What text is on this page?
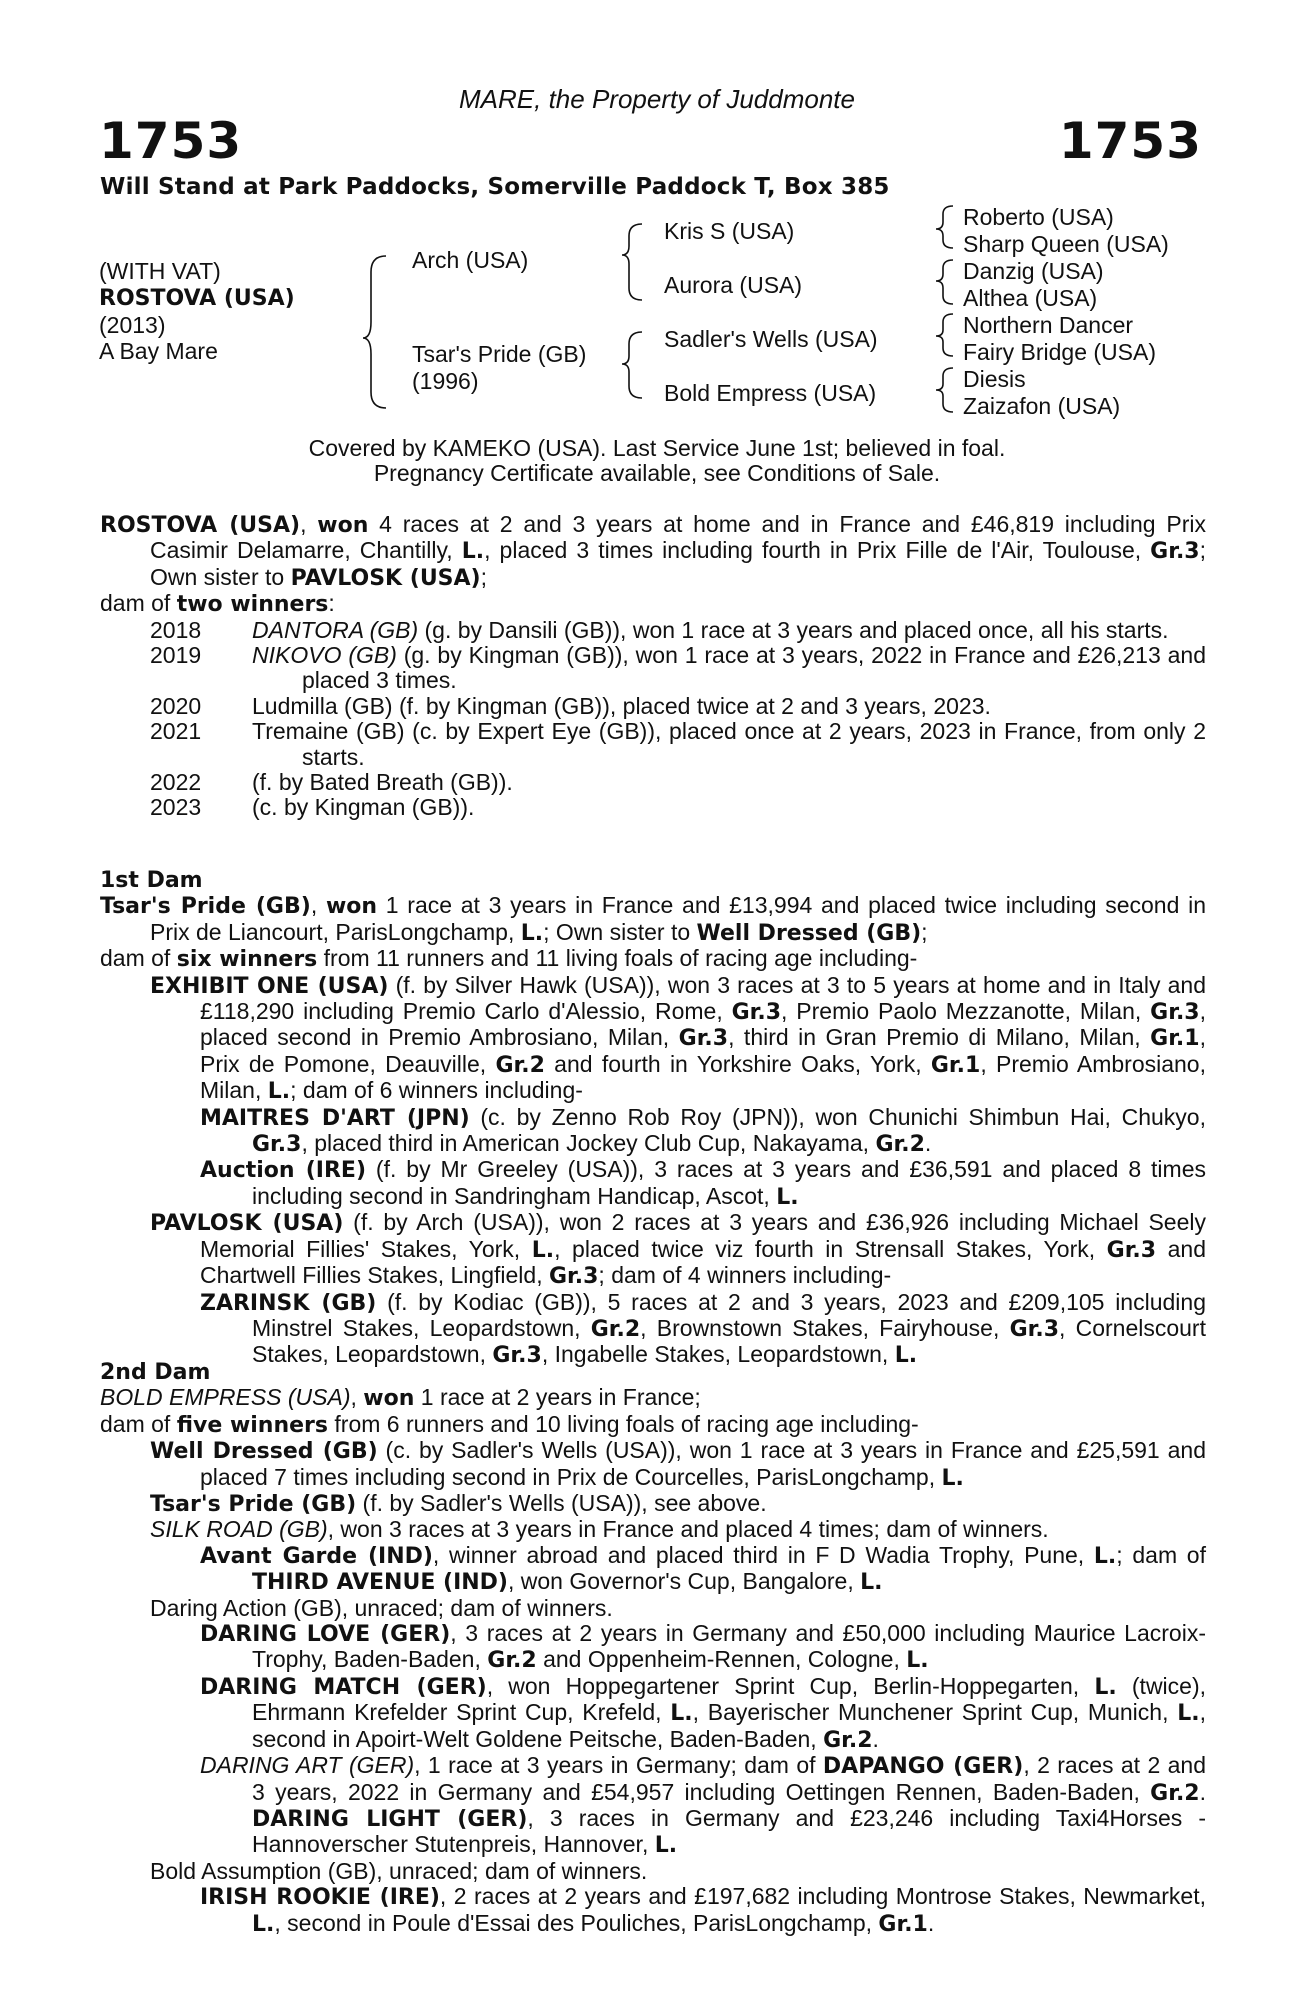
MARE, the Property of Juddmonte
1753	1753
Will Stand at Park Paddocks, Somerville Paddock T, Box 385
(WITH VAT)
ROSTOVA (USA)
(2013)
A Bay Mare
Arch (USA)
Tsar's Pride (GB)
(1996)
Kris S (USA)
Aurora (USA)
Sadler's Wells (USA)
Bold Empress (USA)
Roberto (USA)
Sharp Queen (USA)
Danzig (USA)
Althea (USA)
Northern Dancer
Fairy Bridge (USA)
Diesis
Zaizafon (USA)
Covered by KAMEKO (USA). Last Service June 1st; believed in foal.
Pregnancy Certificate available, see Conditions of Sale.

ROSTOVA (USA), won 4 races at 2 and 3 years at home and in France and £46,819 including Prix Casimir Delamarre, Chantilly, L., placed 3 times including fourth in Prix Fille de l'Air, Toulouse, Gr.3; Own sister to PAVLOSK (USA);

dam of two winners:

2018	DANTORA (GB) (g. by Dansili (GB)), won 1 race at 3 years and placed once, all his starts.
2019	NIKOVO (GB) (g. by Kingman (GB)), won 1 race at 3 years, 2022 in France and £26,213 and placed 3 times.
2020	Ludmilla (GB) (f. by Kingman (GB)), placed twice at 2 and 3 years, 2023.
2021	Tremaine (GB) (c. by Expert Eye (GB)), placed once at 2 years, 2023 in France, from only 2 starts.
2022	(f. by Bated Breath (GB)).
2023	(c. by Kingman (GB)).

1st Dam

Tsar's Pride (GB), won 1 race at 3 years in France and £13,994 and placed twice including second in Prix de Liancourt, ParisLongchamp, L.; Own sister to Well Dressed (GB);

dam of six winners from 11 runners and 11 living foals of racing age including-

EXHIBIT ONE (USA) (f. by Silver Hawk (USA)), won 3 races at 3 to 5 years at home and in Italy and £118,290 including Premio Carlo d'Alessio, Rome, Gr.3, Premio Paolo Mezzanotte, Milan, Gr.3, placed second in Premio Ambrosiano, Milan, Gr.3, third in Gran Premio di Milano, Milan, Gr.1, Prix de Pomone, Deauville, Gr.2 and fourth in Yorkshire Oaks, York, Gr.1, Premio Ambrosiano, Milan, L.; dam of 6 winners including-

MAITRES D'ART (JPN) (c. by Zenno Rob Roy (JPN)), won Chunichi Shimbun Hai, Chukyo, Gr.3, placed third in American Jockey Club Cup, Nakayama, Gr.2.

Auction (IRE) (f. by Mr Greeley (USA)), 3 races at 3 years and £36,591 and placed 8 times including second in Sandringham Handicap, Ascot, L.

PAVLOSK (USA) (f. by Arch (USA)), won 2 races at 3 years and £36,926 including Michael Seely Memorial Fillies' Stakes, York, L., placed twice viz fourth in Strensall Stakes, York, Gr.3 and Chartwell Fillies Stakes, Lingfield, Gr.3; dam of 4 winners including-

ZARINSK (GB) (f. by Kodiac (GB)), 5 races at 2 and 3 years, 2023 and £209,105 including Minstrel Stakes, Leopardstown, Gr.2, Brownstown Stakes, Fairyhouse, Gr.3, Cornelscourt Stakes, Leopardstown, Gr.3, Ingabelle Stakes, Leopardstown, L.

2nd Dam

BOLD EMPRESS (USA), won 1 race at 2 years in France;

dam of five winners from 6 runners and 10 living foals of racing age including-

Well Dressed (GB) (c. by Sadler's Wells (USA)), won 1 race at 3 years in France and £25,591 and placed 7 times including second in Prix de Courcelles, ParisLongchamp, L.

Tsar's Pride (GB) (f. by Sadler's Wells (USA)), see above.

SILK ROAD (GB), won 3 races at 3 years in France and placed 4 times; dam of winners.

Avant Garde (IND), winner abroad and placed third in F D Wadia Trophy, Pune, L.; dam of THIRD AVENUE (IND), won Governor's Cup, Bangalore, L.

Daring Action (GB), unraced; dam of winners.

DARING LOVE (GER), 3 races at 2 years in Germany and £50,000 including Maurice Lacroix-Trophy, Baden-Baden, Gr.2 and Oppenheim-Rennen, Cologne, L.

DARING MATCH (GER), won Hoppegartener Sprint Cup, Berlin-Hoppegarten, L. (twice), Ehrmann Krefelder Sprint Cup, Krefeld, L., Bayerischer Munchener Sprint Cup, Munich, L., second in Apoirt-Welt Goldene Peitsche, Baden-Baden, Gr.2.

DARING ART (GER), 1 race at 3 years in Germany; dam of DAPANGO (GER), 2 races at 2 and 3 years, 2022 in Germany and £54,957 including Oettingen Rennen, Baden-Baden, Gr.2. DARING LIGHT (GER), 3 races in Germany and £23,246 including Taxi4Horses - Hannoverscher Stutenpreis, Hannover, L.

Bold Assumption (GB), unraced; dam of winners.

IRISH ROOKIE (IRE), 2 races at 2 years and £197,682 including Montrose Stakes, Newmarket, L., second in Poule d'Essai des Pouliches, ParisLongchamp, Gr.1.
